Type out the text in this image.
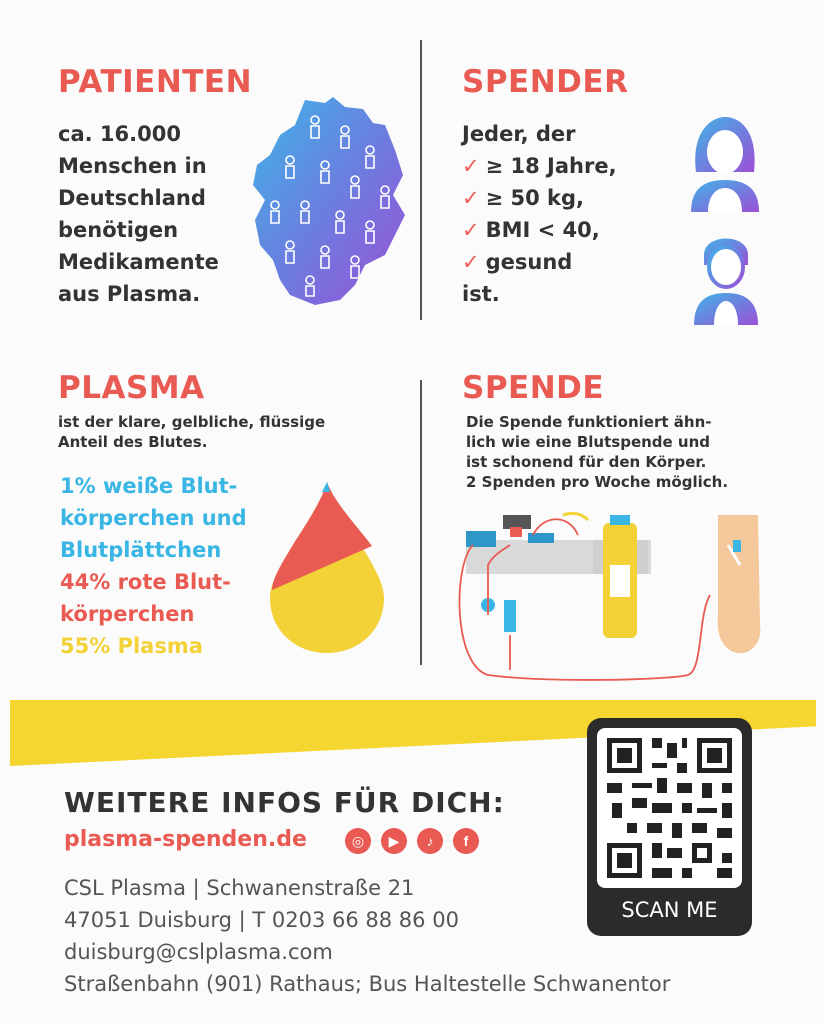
PATIENTEN
ca. 16.000
Menschen in
Deutschland
benötigen
Medikamente
aus Plasma.
SPENDER
Jeder, der
✓ ≥ 18 Jahre,
✓ ≥ 50 kg,
✓ BMI < 40,
✓ gesund
ist.
PLASMA
ist der klare, gelbliche, flüssige
Anteil des Blutes.
1% weiße Blut-
körperchen und
Blutplättchen
44% rote Blut-
körperchen
55% Plasma
SPENDE
Die Spende funktioniert ähn-
lich wie eine Blutspende und
ist schonend für den Körper.
2 Spenden pro Woche möglich.
WEITERE INFOS FÜR DICH:
plasma-spenden.de	◎	▶	♪	f
CSL Plasma | Schwanenstraße 21
47051 Duisburg | T 0203 66 88 86 00
duisburg@cslplasma.com
Straßenbahn (901) Rathaus; Bus Haltestelle Schwanentor
SCAN ME
